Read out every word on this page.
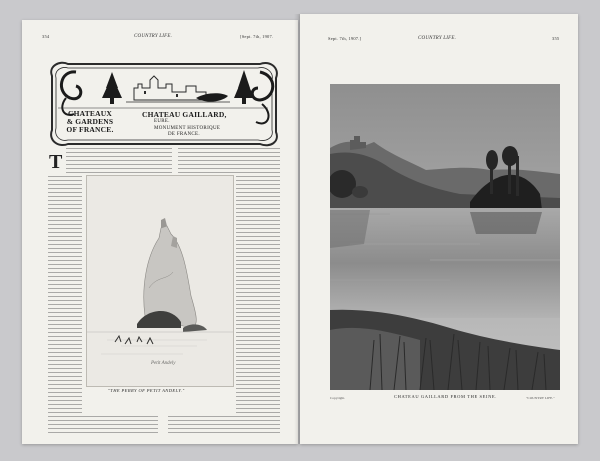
354	COUNTRY LIFE.	[Sept. 7th, 1907.
CHATEAUX
& GARDENS
OF FRANCE.
CHATEAU GAILLARD,
EURE.
MONUMENT HISTORIQUE
DE FRANCE.
T
Petit Andely
"THE PERRY OF PETIT ANDELY."
Sept. 7th, 1907.]	COUNTRY LIFE.	355
Copyright.	CHATEAU GAILLARD FROM THE SEINE.	"COUNTRY LIFE."
